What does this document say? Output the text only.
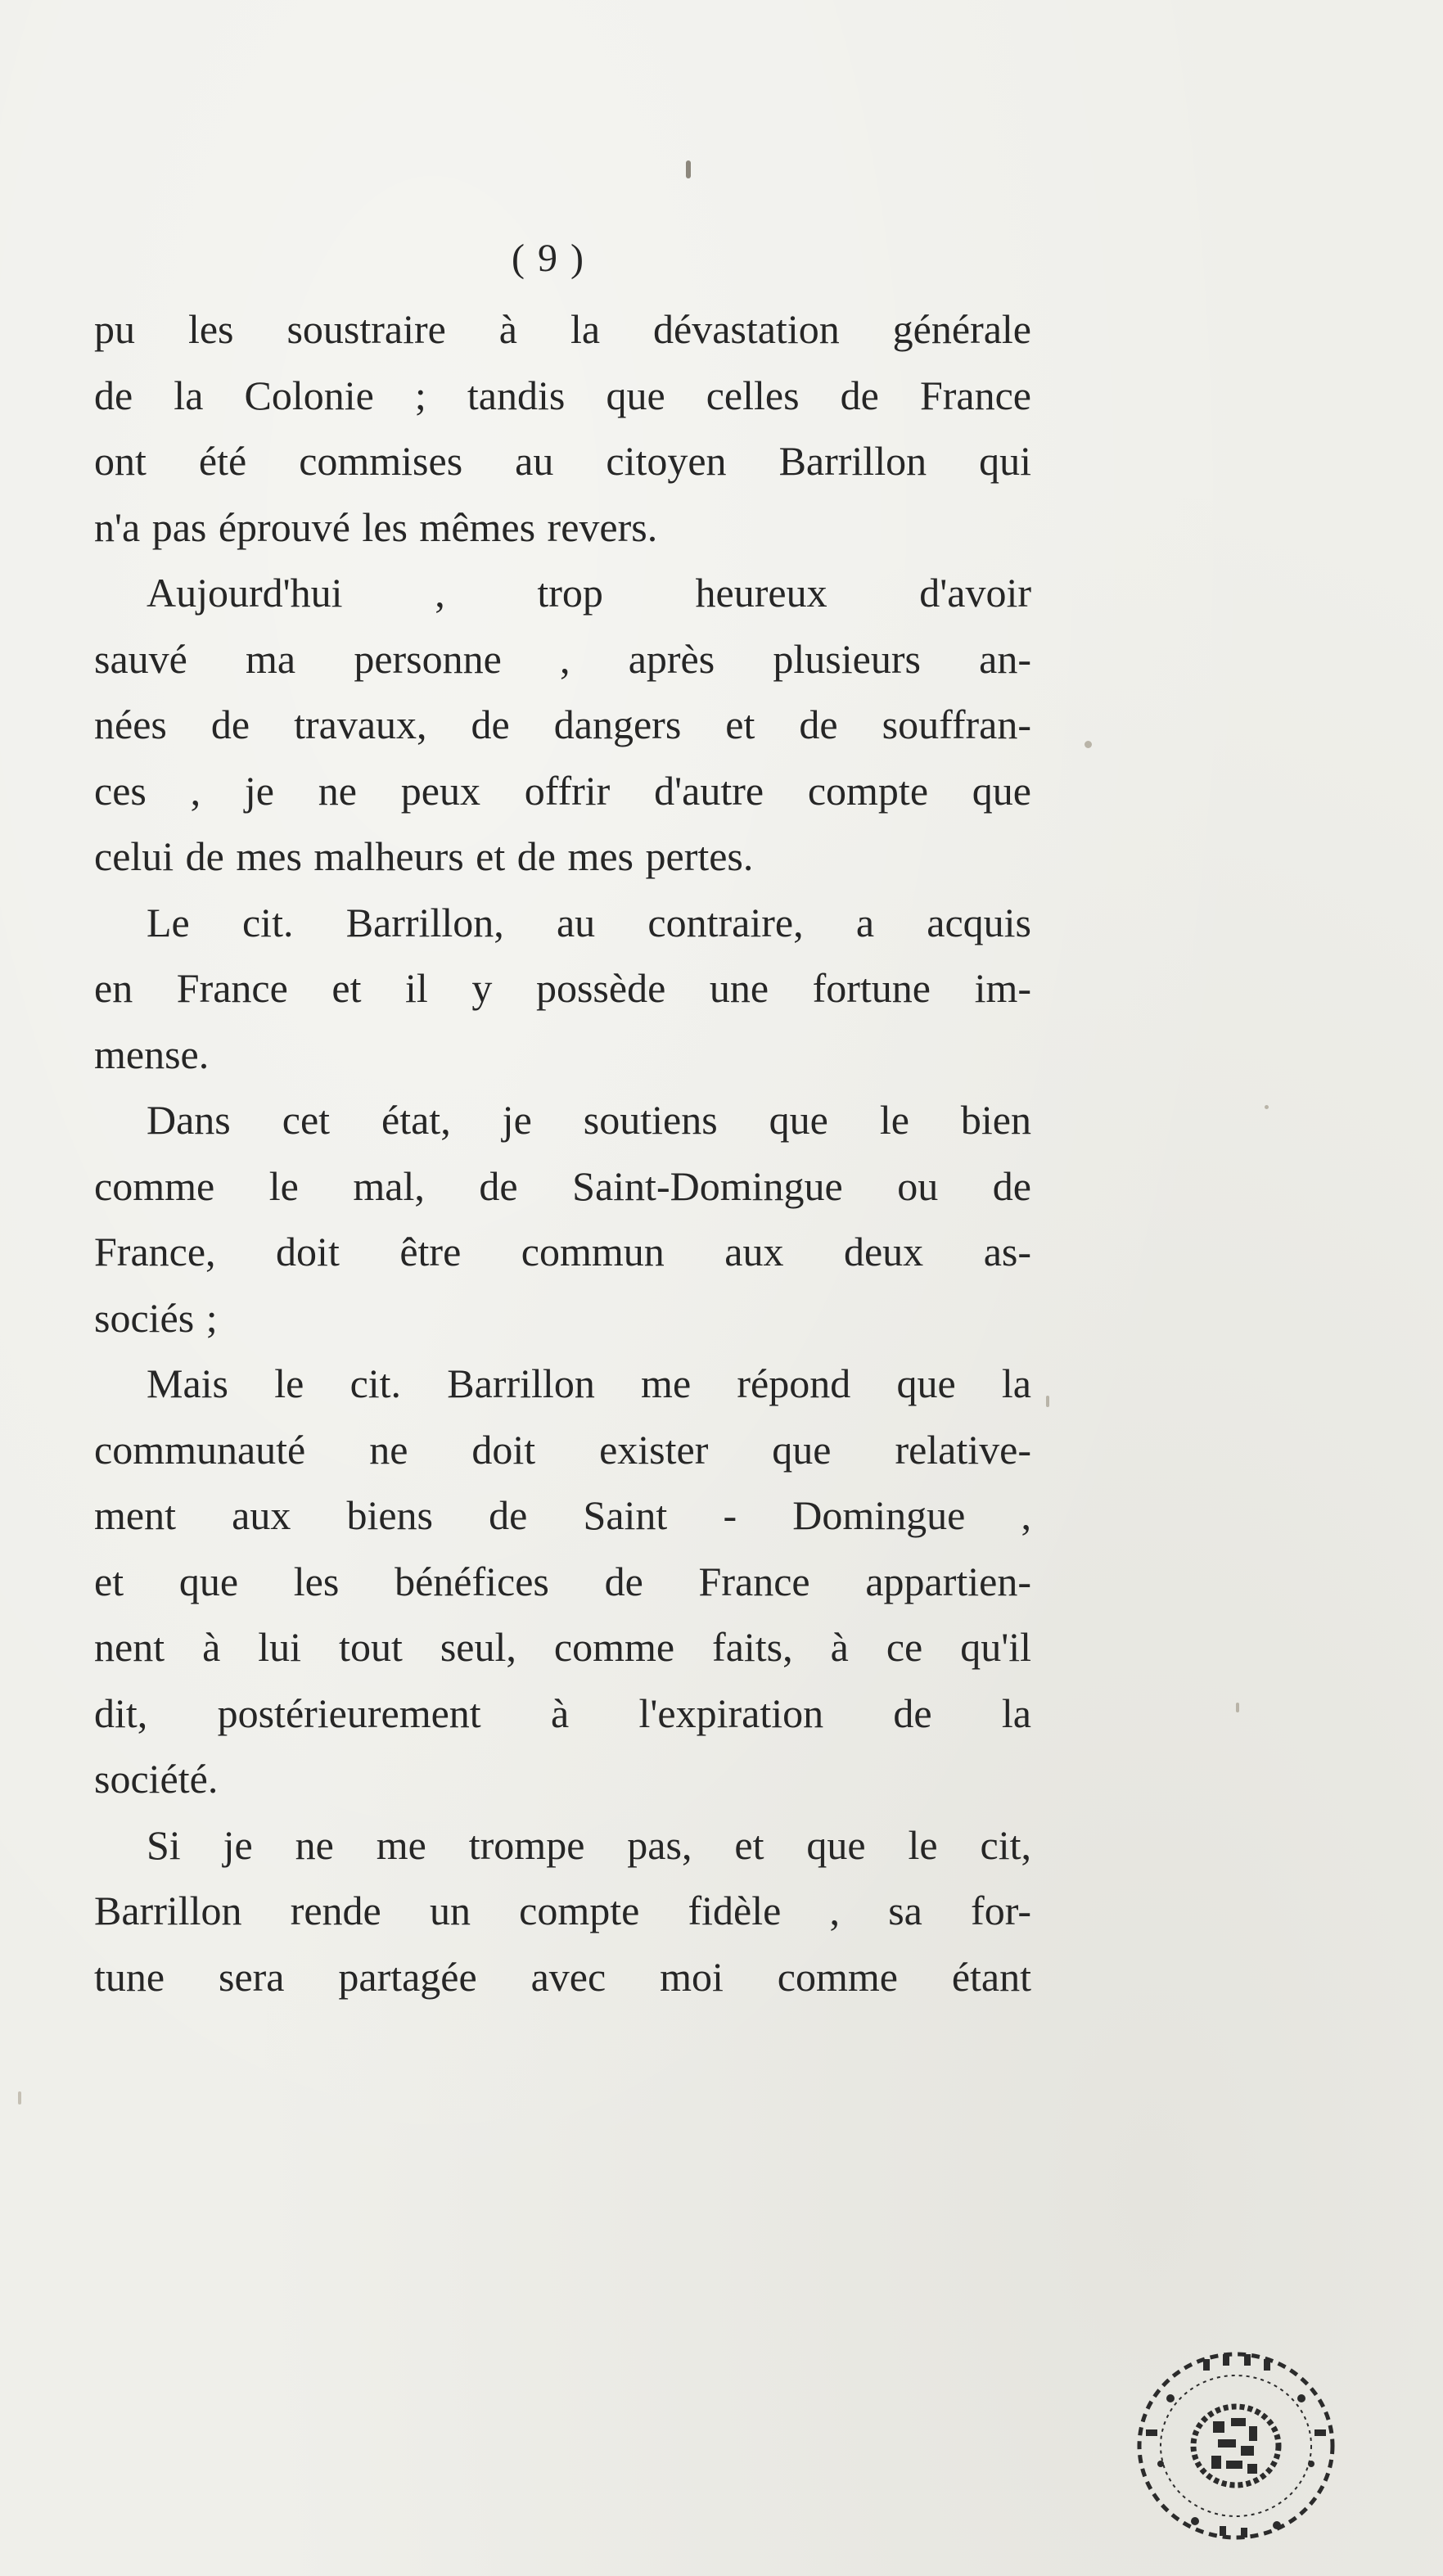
( 9 )
pu les soustraire à la dévastation générale
de la Colonie ; tandis que celles de France
ont été commises au citoyen Barrillon qui
n'a pas éprouvé les mêmes revers.
Aujourd'hui , trop heureux d'avoir
sauvé ma personne , après plusieurs an-
nées de travaux, de dangers et de souffran-
ces , je ne peux offrir d'autre compte que
celui de mes malheurs et de mes pertes.
Le cit. Barrillon, au contraire, a acquis
en France et il y possède une fortune im-
mense.
Dans cet état, je soutiens que le bien
comme le mal, de Saint-Domingue ou de
France, doit être commun aux deux as-
sociés ;
Mais le cit. Barrillon me répond que la
communauté ne doit exister que relative-
ment aux biens de Saint - Domingue ,
et que les bénéfices de France appartien-
nent à lui tout seul, comme faits, à ce qu'il
dit, postérieurement à l'expiration de la
société.
Si je ne me trompe pas, et que le cit,
Barrillon rende un compte fidèle , sa for-
tune sera partagée avec moi comme étant
